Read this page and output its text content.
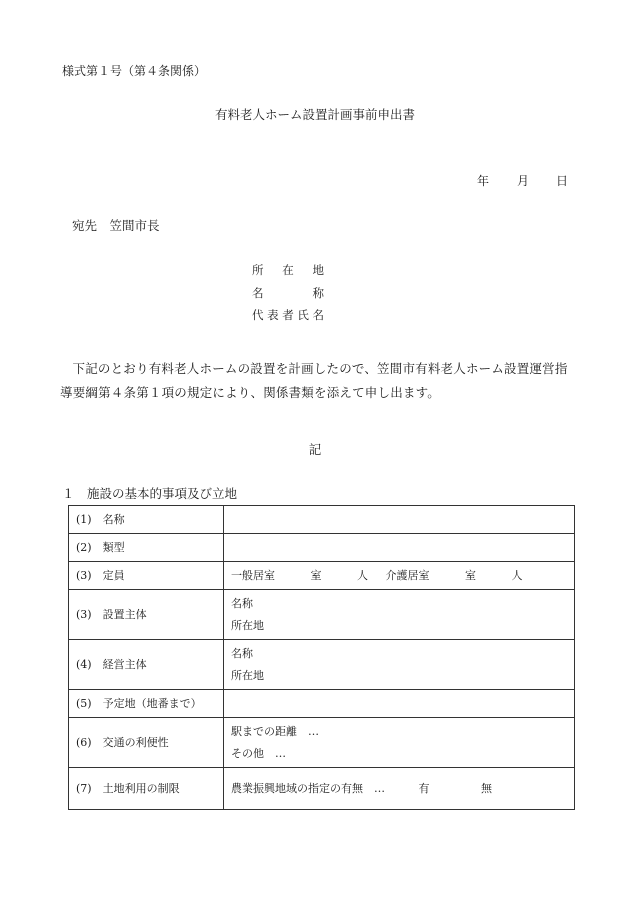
様式第１号（第４条関係）
有料老人ホーム設置計画事前申出書
年 月 日
宛先　笠間市長
所在地
名称
代表者氏名
下記のとおり有料老人ホームの設置を計画したので、笠間市有料老人ホーム設置運営指導要綱第４条第１項の規定により、関係書類を添えて申し出ます。
記
１　施設の基本的事項及び立地
(1)　名称	
(2)　類型	
(3)　定員	一般居室 室 人 介護居室 室 人
(3)　設置主体	名称
所在地

(4)　経営主体	名称
所在地

(5)　予定地（地番まで）	
(6)　交通の利便性	駅までの距離　…
その他　…

(7)　土地利用の制限	農業振興地域の指定の有無　… 有 無
